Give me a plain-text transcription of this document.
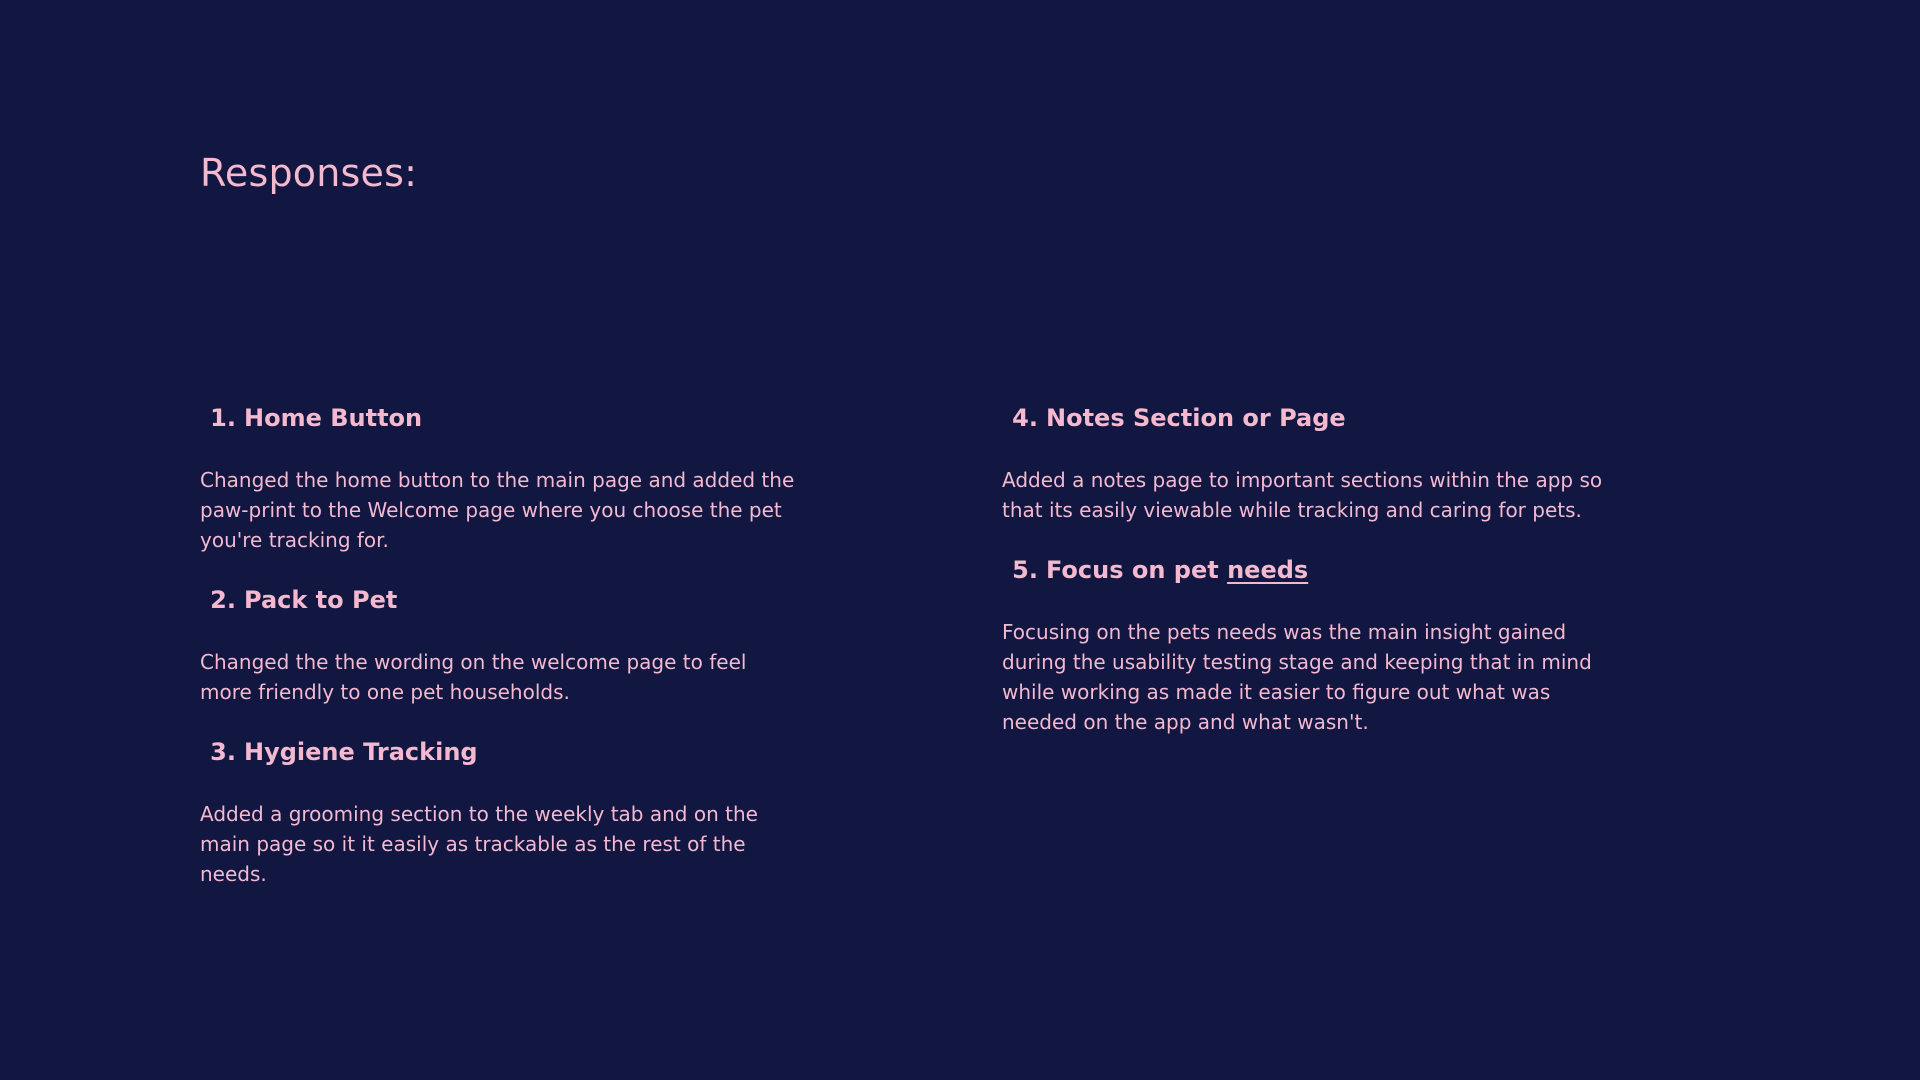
Responses:
1. Home Button

Changed the home button to the main page and added the paw-print to the Welcome page where you choose the pet you're tracking for.

2. Pack to Pet

Changed the the wording on the welcome page to feel more friendly to one pet households.

3. Hygiene Tracking

Added a grooming section to the weekly tab and on the main page so it it easily as trackable as the rest of the needs.

4. Notes Section or Page

Added a notes page to important sections within the app so that its easily viewable while tracking and caring for pets.

5. Focus on pet needs

Focusing on the pets needs was the main insight gained during the usability testing stage and keeping that in mind while working as made it easier to figure out what was needed on the app and what wasn't.
